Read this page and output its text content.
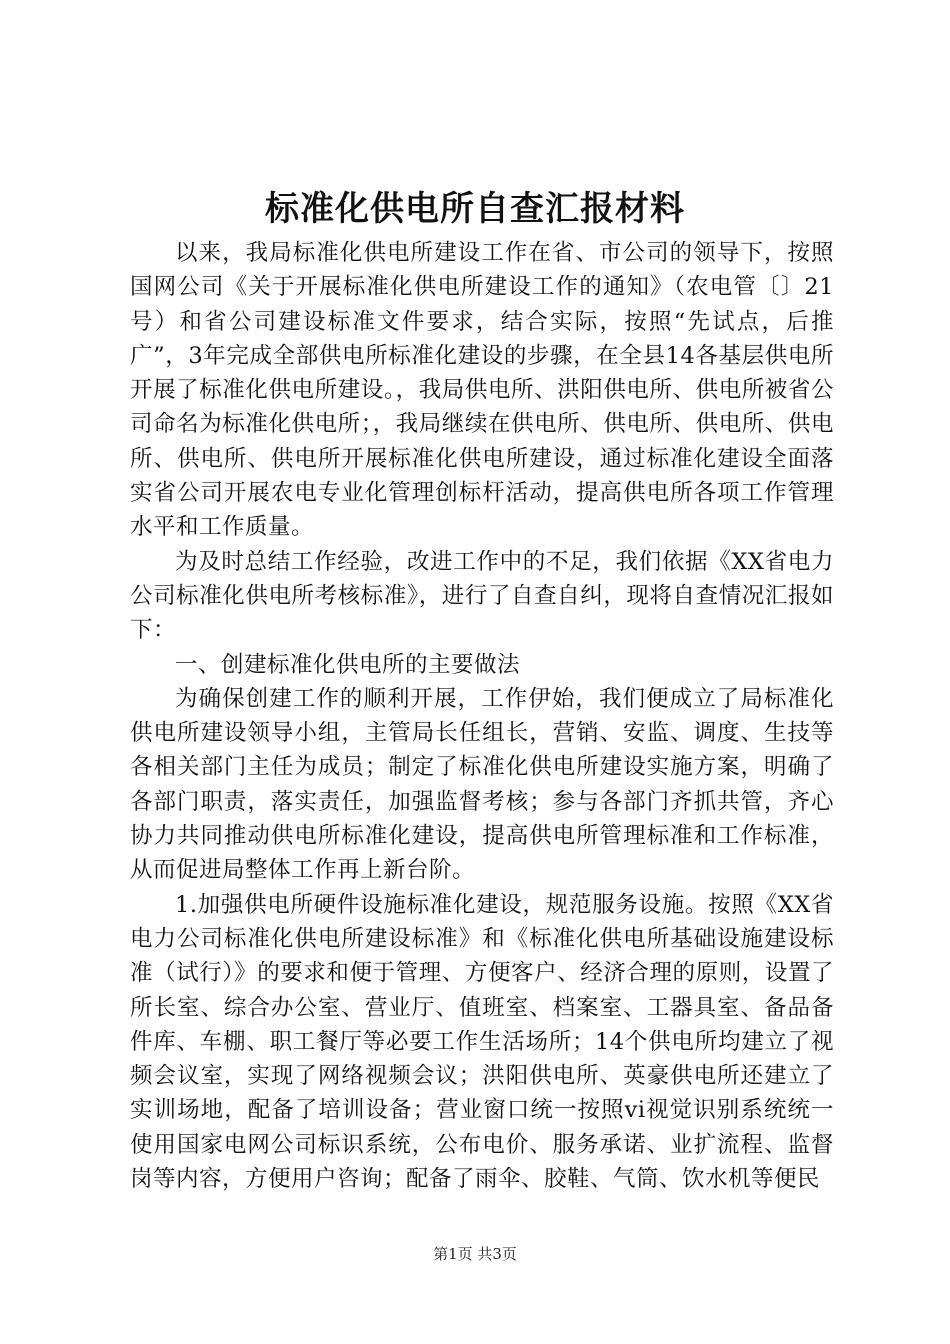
标准化供电所自查汇报材料

以来，我局标准化供电所建设工作在省、市公司的领导下，按照国网公司《关于开展标准化供电所建设工作的通知》（农电管〔〕21号）和省公司建设标准文件要求，结合实际，按照“先试点，后推广”，3年完成全部供电所标准化建设的步骤，在全县14各基层供电所开展了标准化供电所建设。，我局供电所、洪阳供电所、供电所被省公司命名为标准化供电所；，我局继续在供电所、供电所、供电所、供电所、供电所、供电所开展标准化供电所建设，通过标准化建设全面落实省公司开展农电专业化管理创标杆活动，提高供电所各项工作管理水平和工作质量。

为及时总结工作经验，改进工作中的不足，我们依据《XX省电力公司标准化供电所考核标准》，进行了自查自纠，现将自查情况汇报如下：

一、创建标准化供电所的主要做法

为确保创建工作的顺利开展，工作伊始，我们便成立了局标准化供电所建设领导小组，主管局长任组长，营销、安监、调度、生技等各相关部门主任为成员；制定了标准化供电所建设实施方案，明确了各部门职责，落实责任，加强监督考核；参与各部门齐抓共管，齐心协力共同推动供电所标准化建设，提高供电所管理标准和工作标准，从而促进局整体工作再上新台阶。

1.加强供电所硬件设施标准化建设，规范服务设施。按照《XX省电力公司标准化供电所建设标准》和《标准化供电所基础设施建设标准（试行）》的要求和便于管理、方便客户、经济合理的原则，设置了所长室、综合办公室、营业厅、值班室、档案室、工器具室、备品备件库、车棚、职工餐厅等必要工作生活场所；14个供电所均建立了视频会议室，实现了网络视频会议；洪阳供电所、英豪供电所还建立了实训场地，配备了培训设备；营业窗口统一按照vi视觉识别系统统一使用国家电网公司标识系统，公布电价、服务承诺、业扩流程、监督岗等内容，方便用户咨询；配备了雨伞、胶鞋、气筒、饮水机等便民

第1页 共3页
